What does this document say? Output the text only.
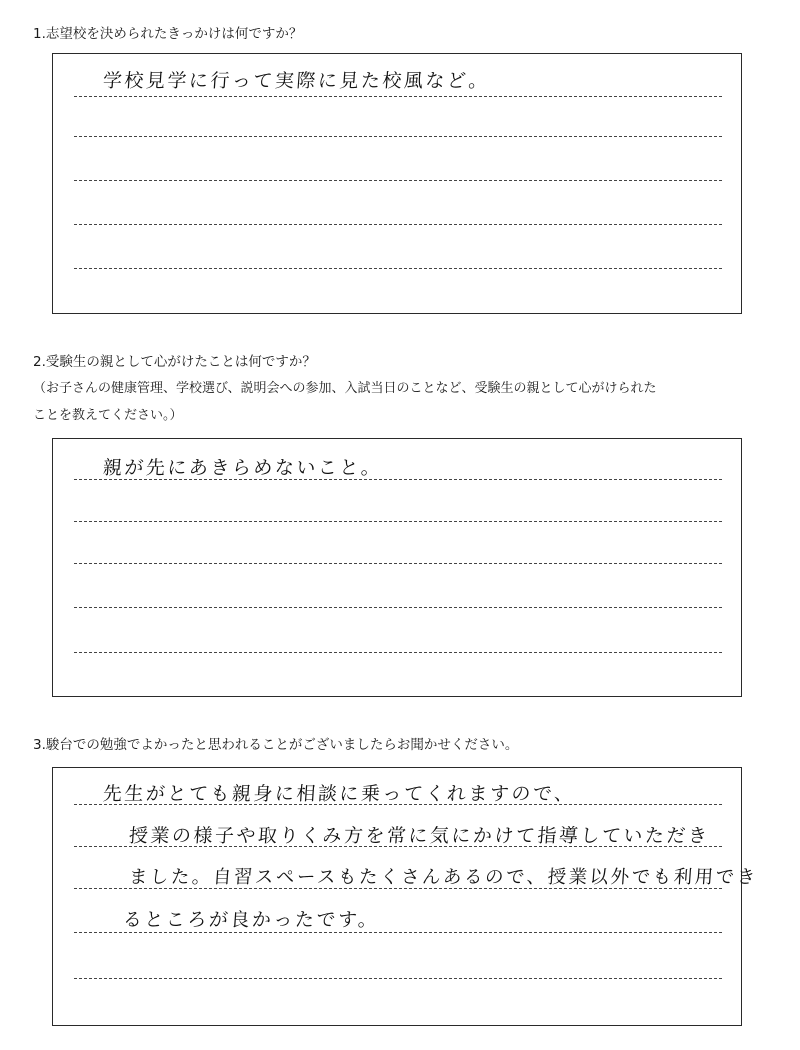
1.志望校を決められたきっかけは何ですか？
学校見学に行って実際に見た校風など。
2.受験生の親として心がけたことは何ですか？
（お子さんの健康管理、学校選び、説明会への参加、入試当日のことなど、受験生の親として心がけられた
ことを教えてください。）
親が先にあきらめないこと。
3.駿台での勉強でよかったと思われることがございましたらお聞かせください。
先生がとても親身に相談に乗ってくれますので、
授業の様子や取りくみ方を常に気にかけて指導していただき
ました。自習スペースもたくさんあるので、授業以外でも利用でき
るところが良かったです。
